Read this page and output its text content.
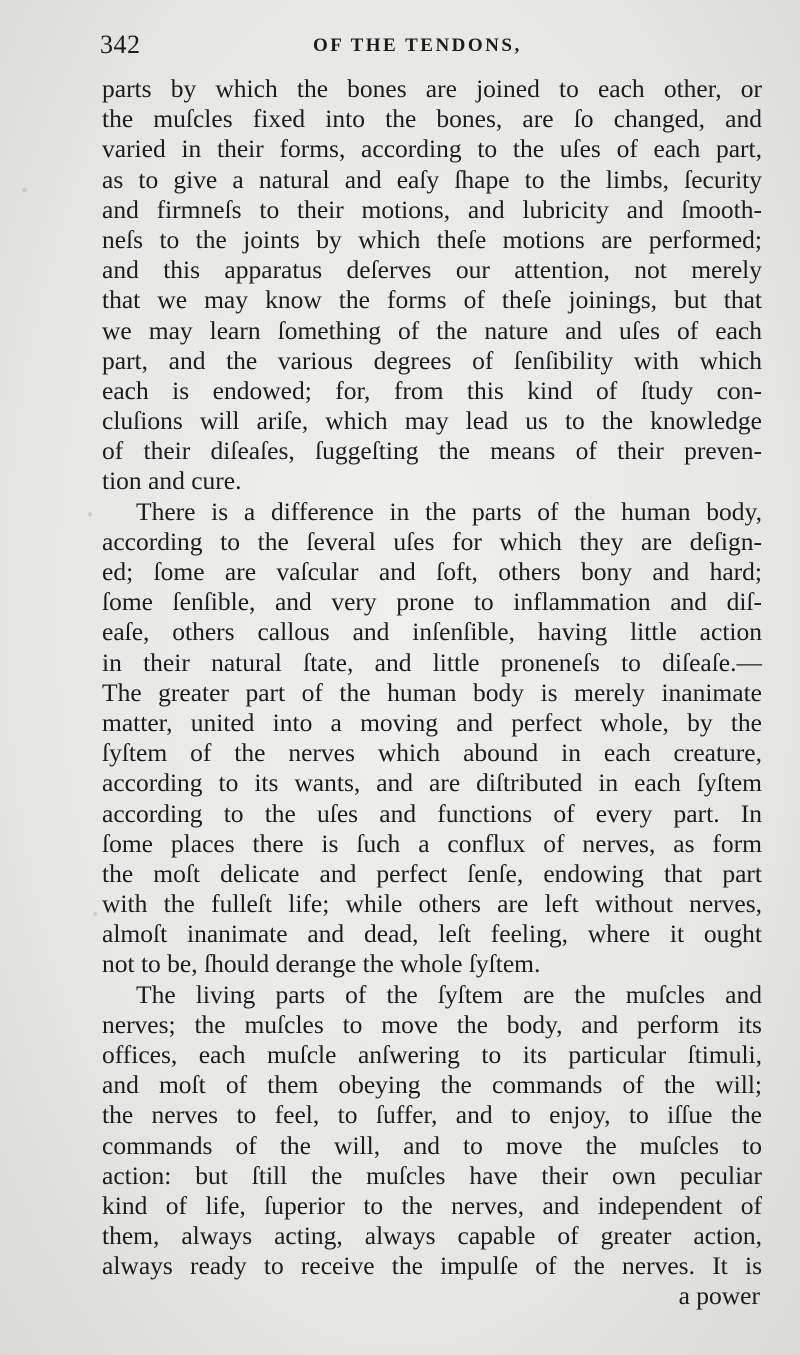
342	OF THE TENDONS,
parts by which the bones are joined to each other, or
the muſcles fixed into the bones, are ſo changed, and
varied in their forms, according to the uſes of each part,
as to give a natural and eaſy ſhape to the limbs, ſecurity
and firmneſs to their motions, and lubricity and ſmooth-
neſs to the joints by which theſe motions are performed;
and this apparatus deſerves our attention, not merely
that we may know the forms of theſe joinings, but that
we may learn ſomething of the nature and uſes of each
part, and the various degrees of ſenſibility with which
each is endowed; for, from this kind of ſtudy con-
cluſions will ariſe, which may lead us to the knowledge
of their diſeaſes, ſuggeſting the means of their preven-
tion and cure.
There is a difference in the parts of the human body,
according to the ſeveral uſes for which they are deſign-
ed; ſome are vaſcular and ſoft, others bony and hard;
ſome ſenſible, and very prone to inflammation and diſ-
eaſe, others callous and inſenſible, having little action
in their natural ſtate, and little proneneſs to diſeaſe.—
The greater part of the human body is merely inanimate
matter, united into a moving and perfect whole, by the
ſyſtem of the nerves which abound in each creature,
according to its wants, and are diſtributed in each ſyſtem
according to the uſes and functions of every part. In
ſome places there is ſuch a conflux of nerves, as form
the moſt delicate and perfect ſenſe, endowing that part
with the fulleſt life; while others are left without nerves,
almoſt inanimate and dead, leſt feeling, where it ought
not to be, ſhould derange the whole ſyſtem.
The living parts of the ſyſtem are the muſcles and
nerves; the muſcles to move the body, and perform its
offices, each muſcle anſwering to its particular ſtimuli,
and moſt of them obeying the commands of the will;
the nerves to feel, to ſuffer, and to enjoy, to iſſue the
commands of the will, and to move the muſcles to
action: but ſtill the muſcles have their own peculiar
kind of life, ſuperior to the nerves, and independent of
them, always acting, always capable of greater action,
always ready to receive the impulſe of the nerves. It is
a power
